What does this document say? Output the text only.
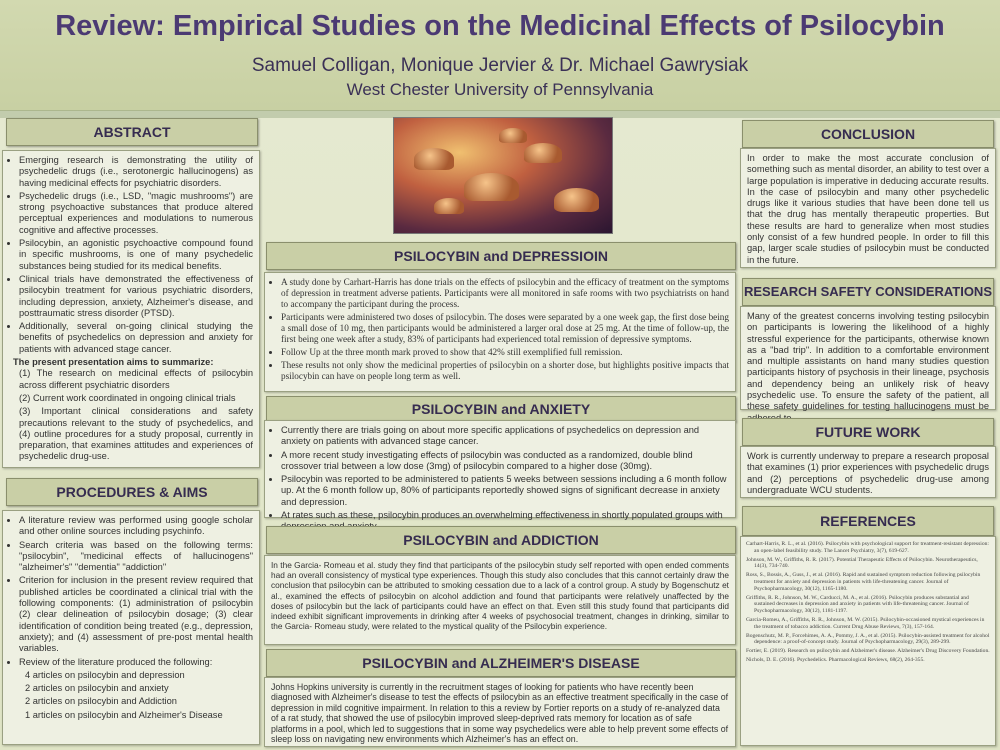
Review: Empirical Studies on the Medicinal Effects of Psilocybin
Samuel Colligan, Monique Jervier & Dr. Michael Gawrysiak
West Chester University of Pennsylvania
ABSTRACT
• Emerging research is demonstrating the utility of psychedelic drugs (i.e., serotonergic hallucinogens) as having medicinal effects for psychiatric disorders.
• Psychedelic drugs (i.e., LSD, "magic mushrooms") are strong psychoactive substances that produce altered perceptual experiences and modulations to numerous cognitive and affective processes.
• Psilocybin, an agonistic psychoactive compound found in specific mushrooms, is one of many psychedelic substances being studied for its medical benefits.
• Clinical trials have demonstrated the effectiveness of psilocybin treatment for various psychiatric disorders, including depression, anxiety, Alzheimer's disease, and posttraumatic stress disorder (PTSD).
• Additionally, several on-going clinical studying the benefits of psychedelics on depression and anxiety for patients with advanced stage cancer.
The present presentation aims to summarize:
(1) The research on medicinal effects of psilocybin across different psychiatric disorders
(2) Current work coordinated in ongoing clinical trials
(3) Important clinical considerations and safety precautions relevant to the study of psychedelics, and (4) outline procedures for a study proposal, currently in preparation, that examines attitudes and experiences of psychedelic drug-use.
PROCEDURES & AIMS
• A literature review was performed using google scholar and other online sources including psychinfo.
• Search criteria was based on the following terms: "psilocybin", "medicinal effects of hallucinogens" "alzheimer's" "dementia" "addiction"
• Criterion for inclusion in the present review required that published articles be coordinated a clinical trial with the following components: (1) administration of psilocybin (2) clear delineation of psilocybin dosage; (3) clear identification of condition being treated (e.g., depression, anxiety); and (4) assessment of pre-post mental health variables.
• Review of the literature produced the following:
4 articles on psilocybin and depression
2 articles on psilocybin and anxiety
2 articles on psilocybin and Addiction
1 articles on psilocybin and Alzheimer's Disease
PSILOCYBIN and DEPRESSIOIN
• A study done by Carhart-Harris has done trials on the effects of psilocybin and the efficacy of treatment on the symptoms of depression in treatment adverse patients. Participants were all monitored in safe rooms with two psychiatrists on hand to accompany the participant during the process.
• Participants were administered two doses of psilocybin. The doses were separated by a one week gap, the first dose being a small dose of 10 mg, then participants would be administered a larger oral dose at 25 mg. At the time of follow-up, the first being one week after a study, 83% of participants had experienced total remission of depressive symptoms.
• Follow Up at the three month mark proved to show that 42% still exemplified full remission.
• These results not only show the medicinal properties of psilocybin on a shorter dose, but highlights positive impacts that psilocybin can have on people long term as well.
PSILOCYBIN and ANXIETY
• Currently there are trials going on about more specific applications of psychedelics on depression and anxiety on patients with advanced stage cancer.
• A more recent study investigating effects of psilocybin was conducted as a randomized, double blind crossover trial between a low dose (3mg) of psilocybin compared to a higher dose (30mg).
• Psilocybin was reported to be administered to patients 5 weeks between sessions including a 6 month follow up. At the 6 month follow up, 80% of participants reportedly showed signs of significant decrease in anxiety and depression.
• At rates such as these, psilocybin produces an overwhelming effectiveness in shortly populated groups with
PSILOCYBIN and ADDICTION
In the Garcia- Romeau et al. study they find that participants of the psilocybin study self reported with open ended comments had an overall consistency of mystical type experiences. Though this study also concludes that this cannot certainly draw the conclusion that psilocybin can be attributed to smoking cessation due to a lack of a control group. A study by Bogenschutz et al., examined the effects of psilocybin on alcohol addiction and found that participants were relatively unaffected by the doses of psilocybin but the lack of participants could have an effect on that. Even still this study found that participants did indeed exhibit significant improvements in drinking after 4 weeks of psychosocial treatment, changes in drinking, similar to the Garcia- Romeau study, were related to the mystical quality of the Psilocybin experience.
PSILOCYBIN and ALZHEIMER'S DISEASE
Johns Hopkins university is currently in the recruitment stages of looking for patients who have recently been diagnosed with Alzheimer's disease to test the effects of psilocybin as an effective treatment specifically in the case of depression in mild cognitive impairment. In relation to this a review by Fortier reports on a study of re-analyzed data of a rat study, that showed the use of psilocybin improved sleep-deprived rats memory for location as of safe platforms in a pool, which led to suggestions that in some way psychedelics were able to help prevent some effects of sleep loss on navigating new environments which Alzheimer's has an effect on.
CONCLUSION
In order to make the most accurate conclusion of something such as mental disorder, an ability to test over a large population is imperative in deducing accurate results. In the case of psilocybin and many other psychedelic drugs like it various studies that have been done tell us that the drug has mentally therapeutic properties. But these results are hard to generalize when most studies only consist of a few hundred people. In order to fill this gap, larger scale studies of psilocybin must be conducted in the future.
RESEARCH SAFETY CONSIDERATIONS
Many of the greatest concerns involving testing psilocybin on participants is lowering the likelihood of a highly stressful experience for the participants, otherwise known as a "bad trip". In addition to a comfortable environment and multiple assistants on hand many studies question participants history of psychosis in their lineage, psychosis and dependency being an unlikely risk of heavy psychedelic use. To ensure the safety of the patient, all these safety guidelines for testing hallucinogens must be
FUTURE WORK
Work is currently underway to prepare a research proposal that examines (1) prior experiences with psychedelic drugs and (2) perceptions of psychedelic drug-use among undergraduate WCU students.
REFERENCES
Carhart-Harris, R. L., et al. (2016). Psilocybin with psychological support for treatment-resistant depression: an open-label feasibility study. The Lancet Psychiatry, 3(7), 619-627.
Johnson, M. W., Griffiths, R. R. (2017). Potential Therapeutic Effects of Psilocybin. Neurotherapeutics, 14(3), 734-740.
Ross, S., Bossis, A., Guss, J., et al. (2016). Rapid and sustained symptom reduction following psilocybin treatment for anxiety and depression in patients with life-threatening cancer. Journal of Psychopharmacology, 30(12), 1165-1180.
Griffiths, R. R., Johnson, M. W., Carducci, M. A., et al. (2016). Psilocybin produces substantial and sustained decreases in depression and anxiety in patients with life-threatening cancer. Journal of Psychopharmacology, 30(12), 1181-1197.
Garcia-Romeu, A., Griffiths, R. R., Johnson, M. W. (2015). Psilocybin-occasioned mystical experiences in the treatment of tobacco addiction. Current Drug Abuse Reviews, 7(3), 157-164.
Bogenschutz, M. P., Forcehimes, A. A., Pommy, J. A., et al. (2015). Psilocybin-assisted treatment for alcohol dependence: a proof-of-concept study. Journal of Psychopharmacology, 29(3), 289-299.
Fortier, E. (2019). Research on psilocybin and Alzheimer's disease. Alzheimer's Drug Discovery Foundation.
Nichols, D. E. (2016). Psychedelics. Pharmacological Reviews, 68(2), 264-355.
